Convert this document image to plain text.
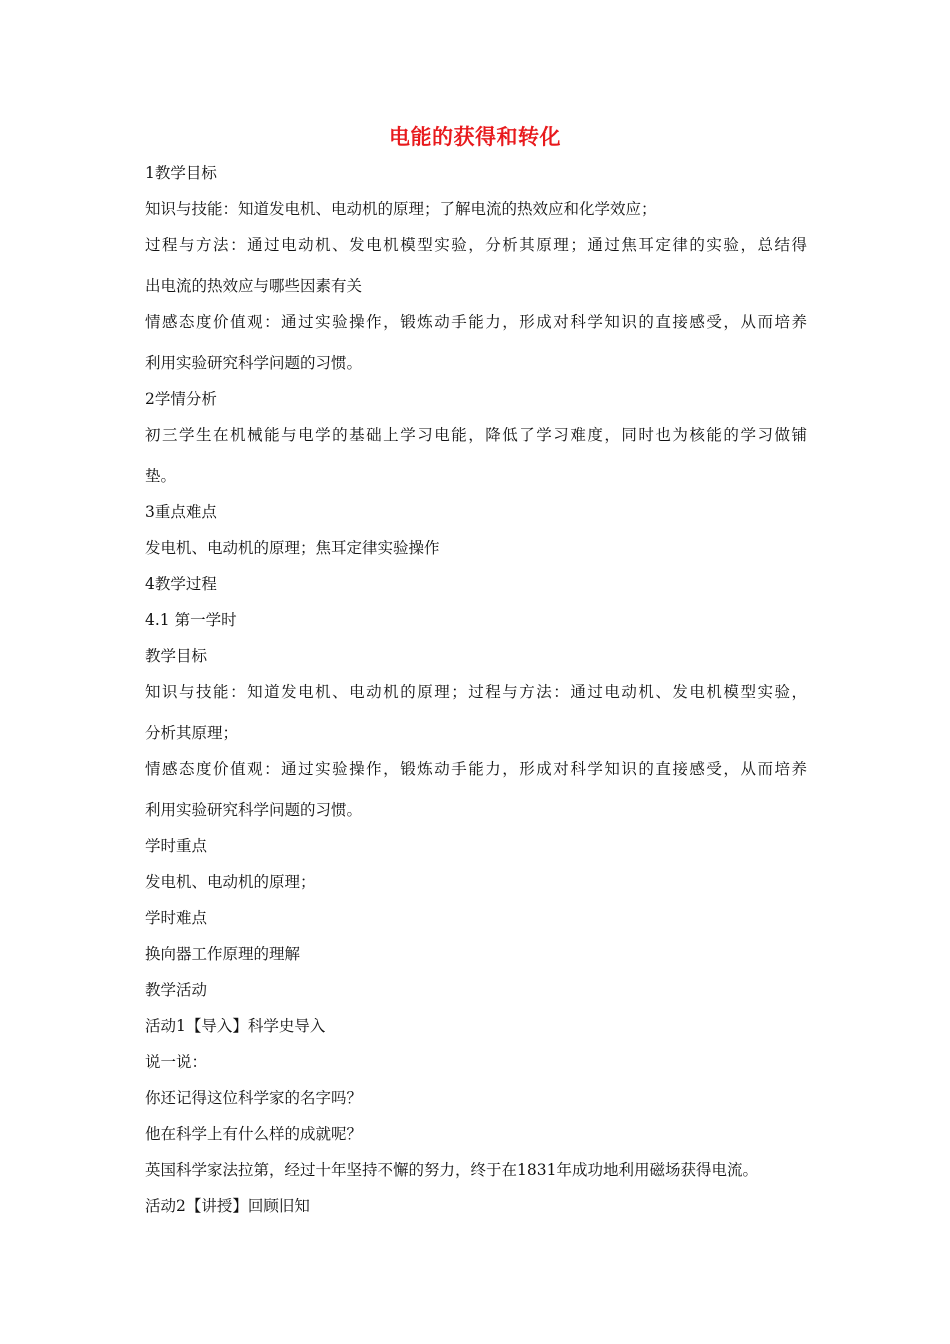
电能的获得和转化
1教学目标
知识与技能：知道发电机、电动机的原理；了解电流的热效应和化学效应；
过程与方法：通过电动机、发电机模型实验，分析其原理；通过焦耳定律的实验，总结得
出电流的热效应与哪些因素有关
情感态度价值观：通过实验操作，锻炼动手能力，形成对科学知识的直接感受，从而培养
利用实验研究科学问题的习惯。
2学情分析
初三学生在机械能与电学的基础上学习电能，降低了学习难度，同时也为核能的学习做铺
垫。
3重点难点
发电机、电动机的原理；焦耳定律实验操作
4教学过程
4.1 第一学时
教学目标
知识与技能：知道发电机、电动机的原理；过程与方法：通过电动机、发电机模型实验，
分析其原理；
情感态度价值观：通过实验操作，锻炼动手能力，形成对科学知识的直接感受，从而培养
利用实验研究科学问题的习惯。
学时重点
发电机、电动机的原理；
学时难点
换向器工作原理的理解
教学活动
活动1【导入】科学史导入
说一说：
你还记得这位科学家的名字吗？
他在科学上有什么样的成就呢？
英国科学家法拉第，经过十年坚持不懈的努力，终于在1831年成功地利用磁场获得电流。
活动2【讲授】回顾旧知
